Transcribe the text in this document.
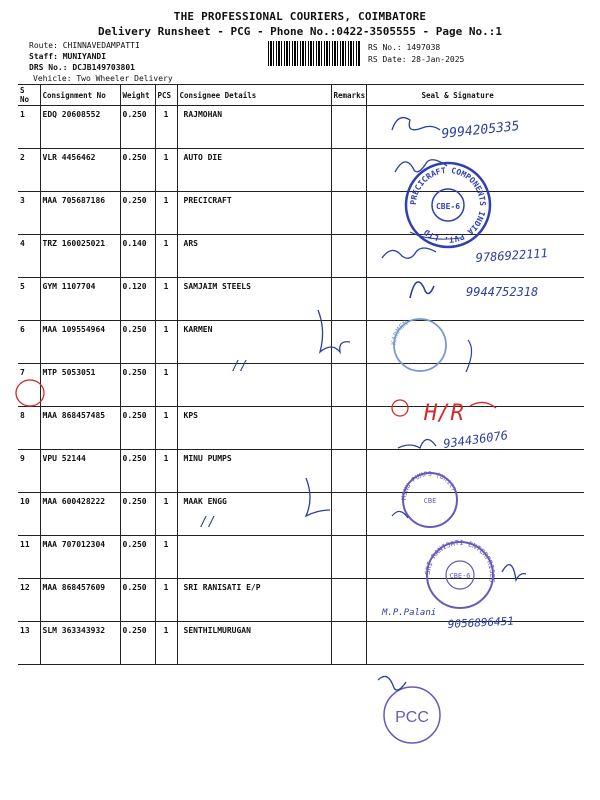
THE PROFESSIONAL COURIERS, COIMBATORE
Delivery Runsheet - PCG - Phone No.:0422-3505555 - Page No.:1
Route: CHINNAVEDAMPATTI
Staff: MUNIYANDI
DRS No.: DCJB149703801
Vehicle: Two Wheeler Delivery
RS No.: 1497038
RS Date: 28-Jan-2025
S No	Consignment No	Weight	PCS	Consignee Details	Remarks	Seal & Signature
1	EDQ 20608552	0.250	1	RAJMOHAN		
2	VLR 4456462	0.250	1	AUTO DIE		
3	MAA 705687186	0.250	1	PRECICRAFT		
4	TRZ 160025021	0.140	1	ARS		
5	GYM 1107704	0.120	1	SAMJAIM STEELS		
6	MAA 109554964	0.250	1	KARMEN		
7	MTP 5053051	0.250	1			
8	MAA 868457485	0.250	1	KPS		
9	VPU 52144	0.250	1	MINU PUMPS		
10	MAA 600428222	0.250	1	MAAK ENGG		
11	MAA 707012304	0.250	1			
12	MAA 868457609	0.250	1	SRI RANISATI E/P		
13	SLM 363343932	0.250	1	SENTHILMURUGAN		
9994205335
PRECICRAFT COMPONENTS INDIA PVT. LTD
CBE-6
9786922111
9944752318
KARMEN
//
H/R
934436076
MINU PUMPS (Unit)
CBE
//
SRI RANISATI ENTERPRISES
CBE-6
M.P.Palani
9056896451
PCC
